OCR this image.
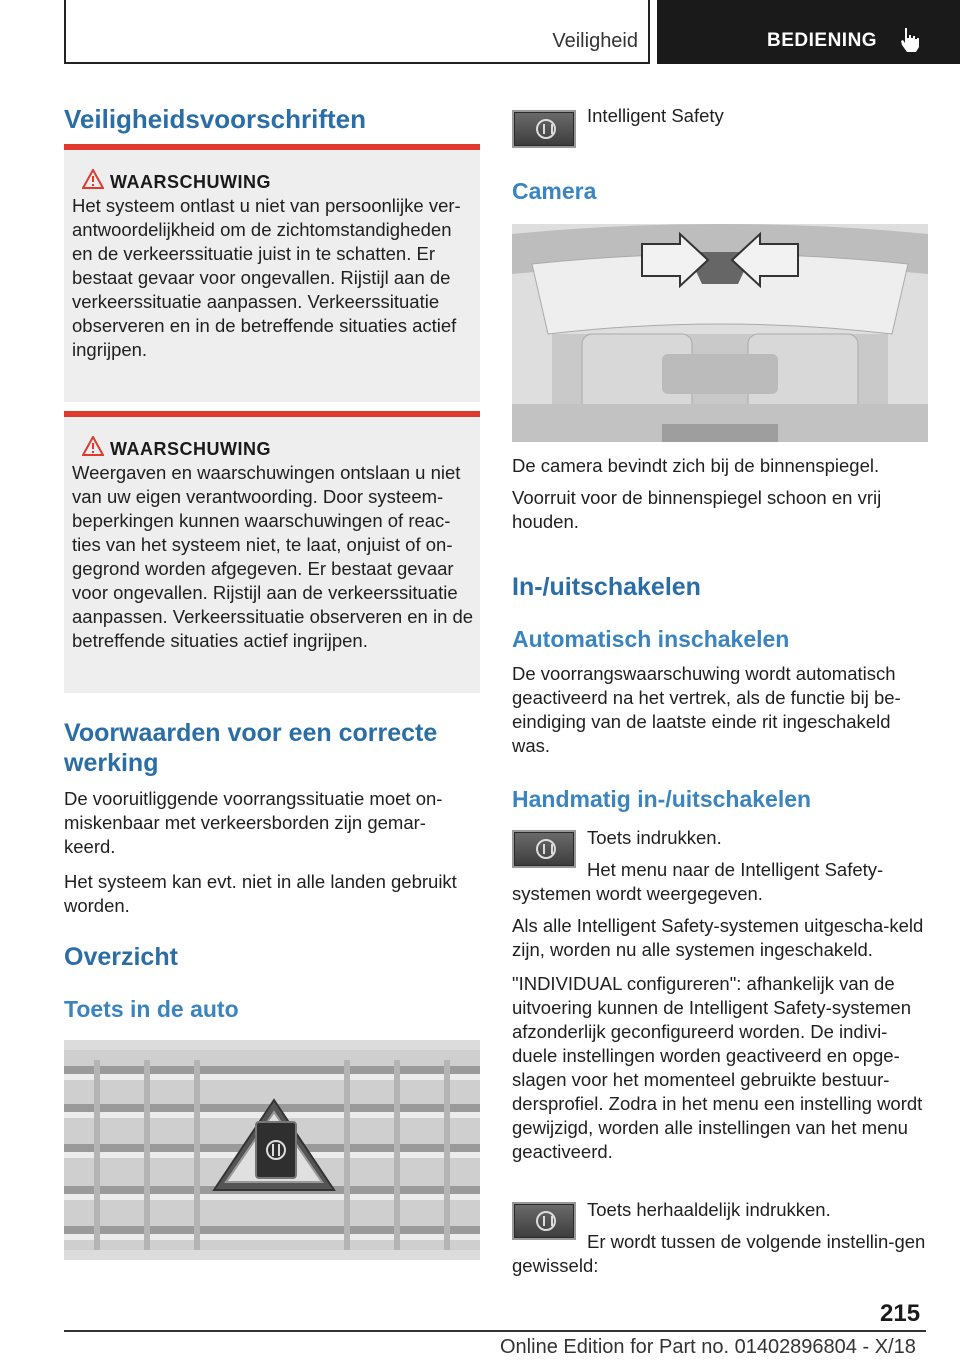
Veiligheid	BEDIENING
Veiligheidsvoorschriften
WAARSCHUWING
Het systeem ontlast u niet van persoonlijke ver-antwoordelijkheid om de zichtomstandigheden en de verkeerssituatie juist in te schatten. Er bestaat gevaar voor ongevallen. Rijstijl aan de verkeerssituatie aanpassen. Verkeerssituatie observeren en in de betreffende situaties actief ingrijpen.
WAARSCHUWING
Weergaven en waarschuwingen ontslaan u niet van uw eigen verantwoording. Door systeem-beperkingen kunnen waarschuwingen of reac-ties van het systeem niet, te laat, onjuist of on-gegrond worden afgegeven. Er bestaat gevaar voor ongevallen. Rijstijl aan de verkeerssituatie aanpassen. Verkeerssituatie observeren en in de betreffende situaties actief ingrijpen.
Voorwaarden voor een correcte werking
De vooruitliggende voorrangssituatie moet on-miskenbaar met verkeersborden zijn gemar-keerd.
Het systeem kan evt. niet in alle landen gebruikt worden.
Overzicht
Toets in de auto
Intelligent Safety
Camera
De camera bevindt zich bij de binnenspiegel.
Voorruit voor de binnenspiegel schoon en vrij houden.
In-/uitschakelen
Automatisch inschakelen
De voorrangswaarschuwing wordt automatisch geactiveerd na het vertrek, als de functie bij be-eindiging van de laatste einde rit ingeschakeld was.
Handmatig in-/uitschakelen
Toets indrukken.
Het menu naar de Intelligent Safety-systemen wordt weergegeven.
Als alle Intelligent Safety-systemen uitgescha-keld zijn, worden nu alle systemen ingeschakeld.
"INDIVIDUAL configureren": afhankelijk van de uitvoering kunnen de Intelligent Safety-systemen afzonderlijk geconfigureerd worden. De indivi-duele instellingen worden geactiveerd en opge-slagen voor het momenteel gebruikte bestuur-dersprofiel. Zodra in het menu een instelling wordt gewijzigd, worden alle instellingen van het menu geactiveerd.
Toets herhaaldelijk indrukken.
Er wordt tussen de volgende instellin-gen gewisseld:
215
Online Edition for Part no. 01402896804 - X/18
